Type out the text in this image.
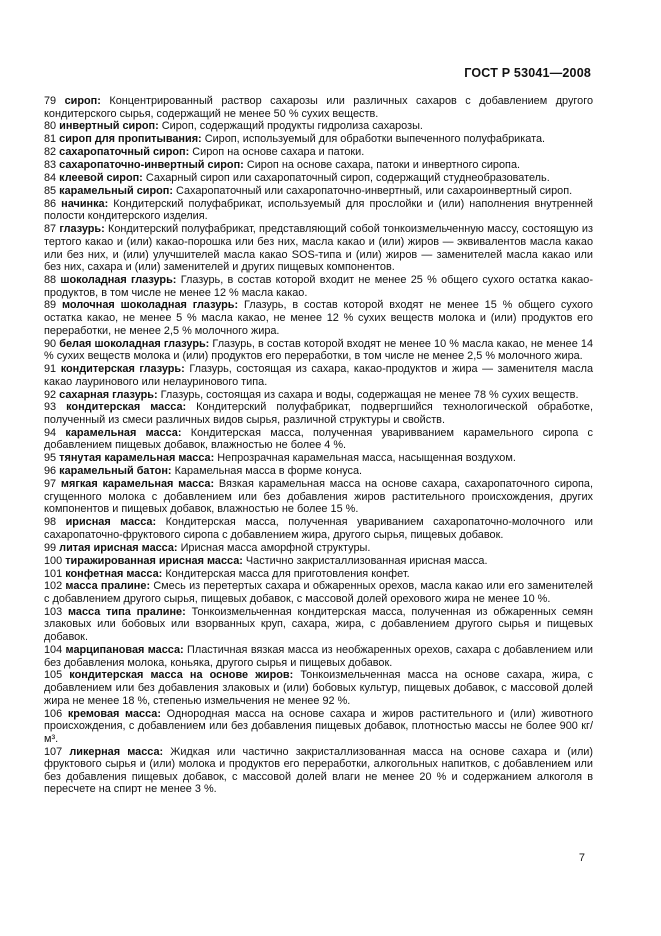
ГОСТ Р 53041—2008
79 сироп: Концентрированный раствор сахарозы или различных сахаров с добавлением другого кондитерского сырья, содержащий не менее 50 % сухих веществ.
80 инвертный сироп: Сироп, содержащий продукты гидролиза сахарозы.
81 сироп для пропитывания: Сироп, используемый для обработки выпеченного полуфабриката.
82 сахаропаточный сироп: Сироп на основе сахара и патоки.
83 сахаропаточно-инвертный сироп: Сироп на основе сахара, патоки и инвертного сиропа.
84 клеевой сироп: Сахарный сироп или сахаропаточный сироп, содержащий студнеобразователь.
85 карамельный сироп: Сахаропаточный или сахаропаточно-инвертный, или сахароинвертный сироп.
86 начинка: Кондитерский полуфабрикат, используемый для прослойки и (или) наполнения внутренней полости кондитерского изделия.
87 глазурь: Кондитерский полуфабрикат, представляющий собой тонкоизмельченную массу, состоящую из тертого какао и (или) какао-порошка или без них, масла какао и (или) жиров — эквивалентов масла какао или без них, и (или) улучшителей масла какао SOS-типа и (или) жиров — заменителей масла какао или без них, сахара и (или) заменителей и других пищевых компонентов.
88 шоколадная глазурь: Глазурь, в состав которой входит не менее 25 % общего сухого остатка какао-продуктов, в том числе не менее 12 % масла какао.
89 молочная шоколадная глазурь: Глазурь, в состав которой входят не менее 15 % общего сухого остатка какао, не менее 5 % масла какао, не менее 12 % сухих веществ молока и (или) продуктов его переработки, не менее 2,5 % молочного жира.
90 белая шоколадная глазурь: Глазурь, в состав которой входят не менее 10 % масла какао, не менее 14 % сухих веществ молока и (или) продуктов его переработки, в том числе не менее 2,5 % молочного жира.
91 кондитерская глазурь: Глазурь, состоящая из сахара, какао-продуктов и жира — заменителя масла какао лауринового или нелауринового типа.
92 сахарная глазурь: Глазурь, состоящая из сахара и воды, содержащая не менее 78 % сухих веществ.
93 кондитерская масса: Кондитерский полуфабрикат, подвергшийся технологической обработке, полученный из смеси различных видов сырья, различной структуры и свойств.
94 карамельная масса: Кондитерская масса, полученная уваривванием карамельного сиропа с добавлением пищевых добавок, влажностью не более 4 %.
95 тянутая карамельная масса: Непрозрачная карамельная масса, насыщенная воздухом.
96 карамельный батон: Карамельная масса в форме конуса.
97 мягкая карамельная масса: Вязкая карамельная масса на основе сахара, сахаропаточного сиропа, сгущенного молока с добавлением или без добавления жиров растительного происхождения, других компонентов и пищевых добавок, влажностью не более 15 %.
98 ирисная масса: Кондитерская масса, полученная увариванием сахаропаточно-молочного или сахаропаточно-фруктового сиропа с добавлением жира, другого сырья, пищевых добавок.
99 литая ирисная масса: Ирисная масса аморфной структуры.
100 тиражированная ирисная масса: Частично закристаллизованная ирисная масса.
101 конфетная масса: Кондитерская масса для приготовления конфет.
102 масса пралине: Смесь из перетертых сахара и обжаренных орехов, масла какао или его заменителей с добавлением другого сырья, пищевых добавок, с массовой долей орехового жира не менее 10 %.
103 масса типа пралине: Тонкоизмельченная кондитерская масса, полученная из обжаренных семян злаковых или бобовых или взорванных круп, сахара, жира, с добавлением другого сырья и пищевых добавок.
104 марципановая масса: Пластичная вязкая масса из необжаренных орехов, сахара с добавлением или без добавления молока, коньяка, другого сырья и пищевых добавок.
105 кондитерская масса на основе жиров: Тонкоизмельченная масса на основе сахара, жира, с добавлением или без добавления злаковых и (или) бобовых культур, пищевых добавок, с массовой долей жира не менее 18 %, степенью измельчения не менее 92 %.
106 кремовая масса: Однородная масса на основе сахара и жиров растительного и (или) животного происхождения, с добавлением или без добавления пищевых добавок, плотностью массы не более 900 кг/ м³.
107 ликерная масса: Жидкая или частично закристаллизованная масса на основе сахара и (или) фруктового сырья и (или) молока и продуктов его переработки, алкогольных напитков, с добавлением или без добавления пищевых добавок, с массовой долей влаги не менее 20 % и содержанием алкоголя в пересчете на спирт не менее 3 %.
7
